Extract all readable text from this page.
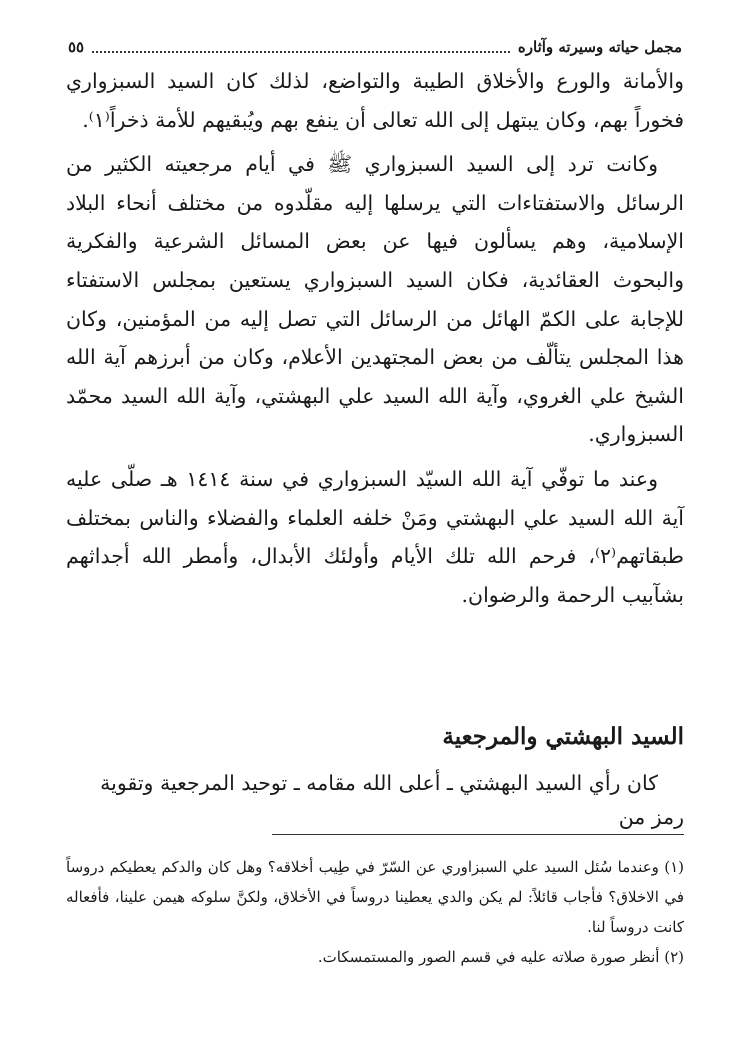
مجمل حياته وسيرته وآثاره
٥٥

والأمانة والورع والأخلاق الطيبة والتواضع، لذلك كان السيد السبزواري فخوراً بهم، وكان يبتهل إلى الله تعالى أن ينفع بهم ويُبقيهم للأمة ذخراً⁽١⁾.

وكانت ترد إلى السيد السبزواري ﷺ في أيام مرجعيته الكثير من الرسائل والاستفتاءات التي يرسلها إليه مقلّدوه من مختلف أنحاء البلاد الإسلامية، وهم يسألون فيها عن بعض المسائل الشرعية والفكرية والبحوث العقائدية، فكان السيد السبزواري يستعين بمجلس الاستفتاء للإجابة على الكمّ الهائل من الرسائل التي تصل إليه من المؤمنين، وكان هذا المجلس يتألّف من بعض المجتهدين الأعلام، وكان من أبرزهم آية الله الشيخ علي الغروي، وآية الله السيد علي البهشتي، وآية الله السيد محمّد السبزواري.

وعند ما توفّي آية الله السيّد السبزواري في سنة ١٤١٤ هـ صلّى عليه آية الله السيد علي البهشتي ومَنْ خلفه العلماء والفضلاء والناس بمختلف طبقاتهم⁽٢⁾، فرحم الله تلك الأيام وأولئك الأبدال، وأمطر الله أجداثهم بشآبيب الرحمة والرضوان.

السيد البهشتي والمرجعية
كان رأي السيد البهشتي ـ أعلى الله مقامه ـ توحيد المرجعية وتقوية رمز من

(١) وعندما سُئل السيد علي السبزاوري عن السّرّ في طِيب أخلاقه؟ وهل كان والدكم يعطيكم دروساً في الاخلاق؟ فأجاب قائلاً: لم يكن والدي يعطينا دروساً في الأخلاق، ولكنَّ سلوكه هيمن علينا، فأفعاله كانت دروساً لنا.

(٢) أنظر صورة صلاته عليه في قسم الصور والمستمسكات.
